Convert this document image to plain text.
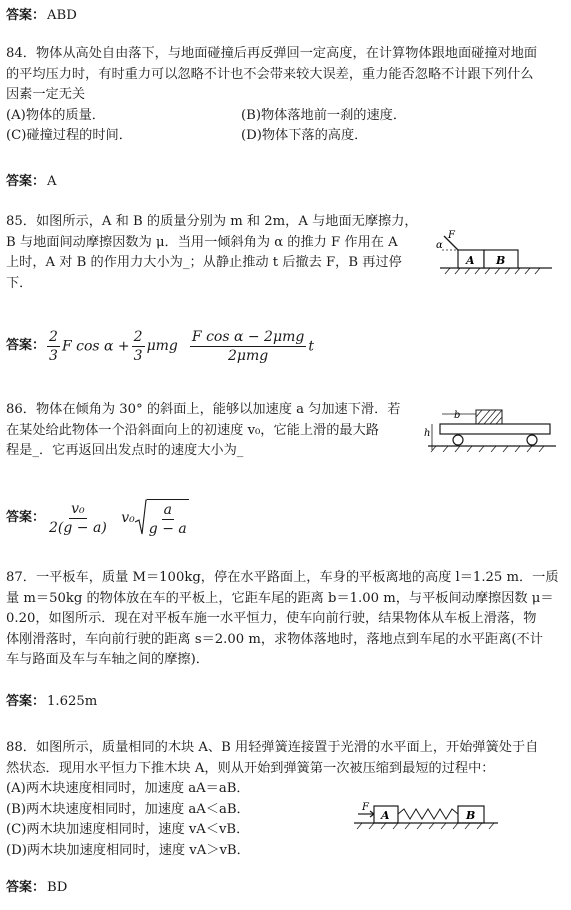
答案： ABD
84．物体从高处自由落下，与地面碰撞后再反弹回一定高度，在计算物体跟地面碰撞对地面
的平均压力时，有时重力可以忽略不计也不会带来较大误差，重力能否忽略不计跟下列什么
因素一定无关
(A)物体的质量．	(B)物体落地前一刹的速度．
(C)碰撞过程的时间．	(D)物体下落的高度．
答案： A
85．如图所示，A 和 B 的质量分别为 m 和 2m，A 与地面无摩擦力，
B 与地面间动摩擦因数为 μ．当用一倾斜角为 α 的推力 F 作用在 A
上时，A 对 B 的作用力大小为_；从静止推动 t 后撤去 F，B 再过停
下．
α
F
A B
答案： $\frac{2}{3}$ F $\cos \alpha + \frac{2}{3}$ μmg $\frac{\text{F cos α − 2μmg}}{\text{2μmg}}$ t
86．物体在倾角为 30° 的斜面上，能够以加速度 a 匀加速下滑．若
在某处给此物体一个沿斜面向上的初速度 v₀，它能上滑的最大路
程是_．它再返回出发点时的速度大小为_
h
b
答案： $\frac{\text{v₀}}{2(g - a)} v_0 \frac{a}{g - a}$
87．一平板车，质量 M＝100kg，停在水平路面上，车身的平板离地的高度 l＝1.25 m．一质
量 m＝50kg 的物体放在车的平板上，它距车尾的距离 b＝1.00 m，与平板间动摩擦因数 μ＝
0.20，如图所示．现在对平板车施一水平恒力，使车向前行驶，结果物体从车板上滑落，物
体刚滑落时，车向前行驶的距离 s＝2.00 m，求物体落地时，落地点到车尾的水平距离(不计
车与路面及车与车轴之间的摩擦)．
答案： 1.625m
88．如图所示，质量相同的木块 A、B 用轻弹簧连接置于光滑的水平面上，开始弹簧处于自
然状态．现用水平恒力下推木块 A，则从开始到弹簧第一次被压缩到最短的过程中：
(A)两木块速度相同时，加速度 aA＝aB．
(B)两木块速度相同时，加速度 aA＜aB．
(C)两木块加速度相同时，速度 vA＜vB．
(D)两木块加速度相同时，速度 vA＞vB．
F
A	B
答案： BD
